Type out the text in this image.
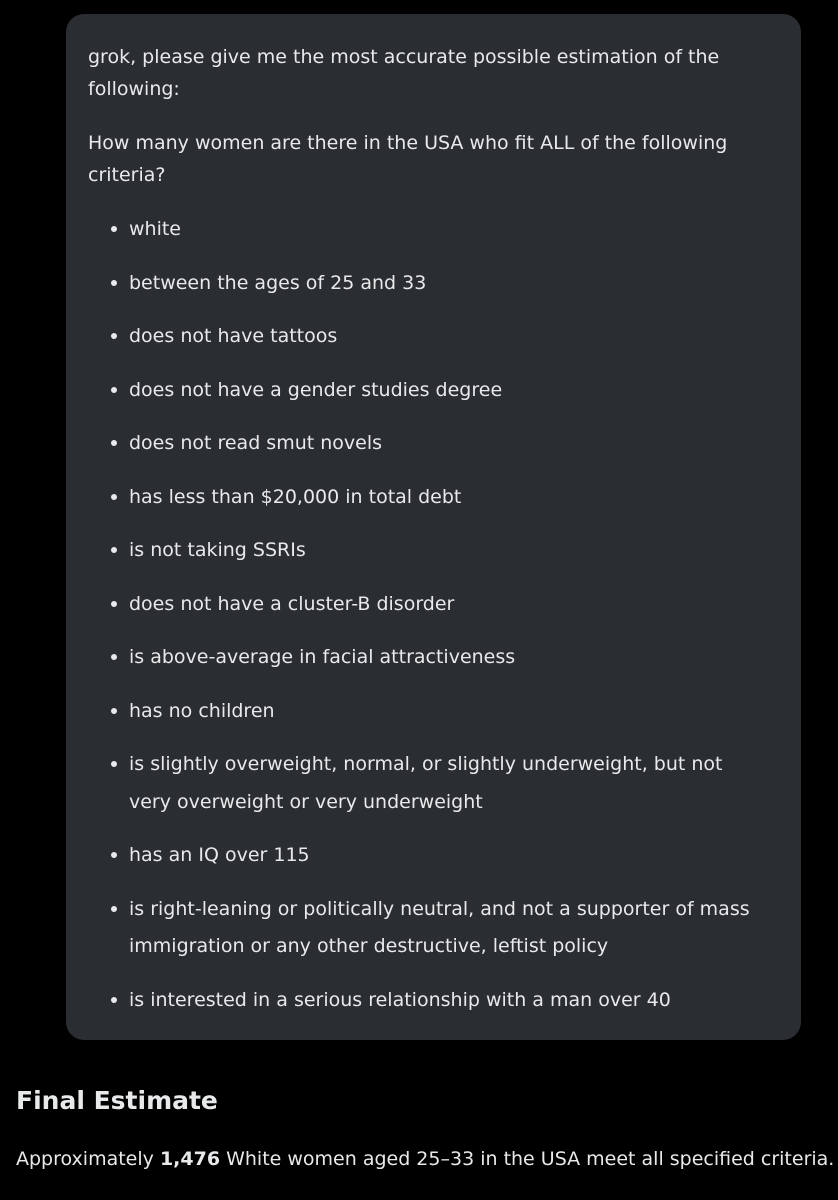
grok, please give me the most accurate possible estimation of the following:

How many women are there in the USA who fit ALL of the following criteria?

white
between the ages of 25 and 33
does not have tattoos
does not have a gender studies degree
does not read smut novels
has less than $20,000 in total debt
is not taking SSRIs
does not have a cluster-B disorder
is above-average in facial attractiveness
has no children
is slightly overweight, normal, or slightly underweight, but not very overweight or very underweight
has an IQ over 115
is right-leaning or politically neutral, and not a supporter of mass immigration or any other destructive, leftist policy
is interested in a serious relationship with a man over 40
Final Estimate

Approximately 1,476 White women aged 25–33 in the USA meet all specified criteria.
